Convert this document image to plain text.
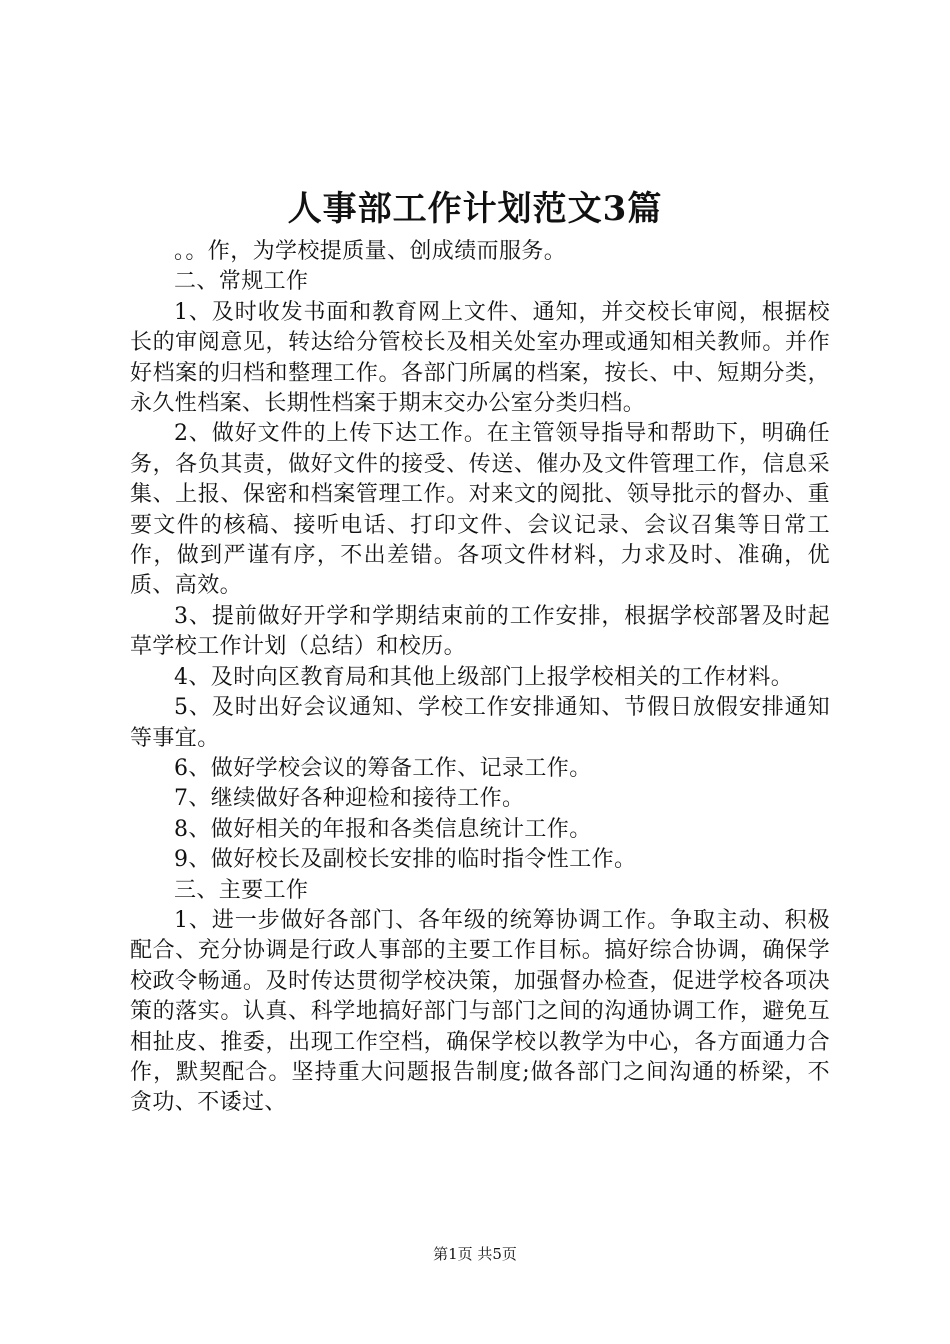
人事部工作计划范文3篇

。。作，为学校提质量、创成绩而服务。

二、常规工作

1、及时收发书面和教育网上文件、通知，并交校长审阅，根据校长的审阅意见，转达给分管校长及相关处室办理或通知相关教师。并作好档案的归档和整理工作。各部门所属的档案，按长、中、短期分类，永久性档案、长期性档案于期末交办公室分类归档。

2、做好文件的上传下达工作。在主管领导指导和帮助下，明确任务，各负其责，做好文件的接受、传送、催办及文件管理工作，信息采集、上报、保密和档案管理工作。对来文的阅批、领导批示的督办、重要文件的核稿、接听电话、打印文件、会议记录、会议召集等日常工作，做到严谨有序，不出差错。各项文件材料，力求及时、准确，优质、高效。

3、提前做好开学和学期结束前的工作安排，根据学校部署及时起草学校工作计划（总结）和校历。

4、及时向区教育局和其他上级部门上报学校相关的工作材料。

5、及时出好会议通知、学校工作安排通知、节假日放假安排通知等事宜。

6、做好学校会议的筹备工作、记录工作。

7、继续做好各种迎检和接待工作。

8、做好相关的年报和各类信息统计工作。

9、做好校长及副校长安排的临时指令性工作。

三、主要工作

1、进一步做好各部门、各年级的统筹协调工作。争取主动、积极配合、充分协调是行政人事部的主要工作目标。搞好综合协调，确保学校政令畅通。及时传达贯彻学校决策，加强督办检查，促进学校各项决策的落实。认真、科学地搞好部门与部门之间的沟通协调工作，避免互相扯皮、推委，出现工作空档，确保学校以教学为中心，各方面通力合作，默契配合。坚持重大问题报告制度;做各部门之间沟通的桥梁，不贪功、不诿过、

第1页 共5页
